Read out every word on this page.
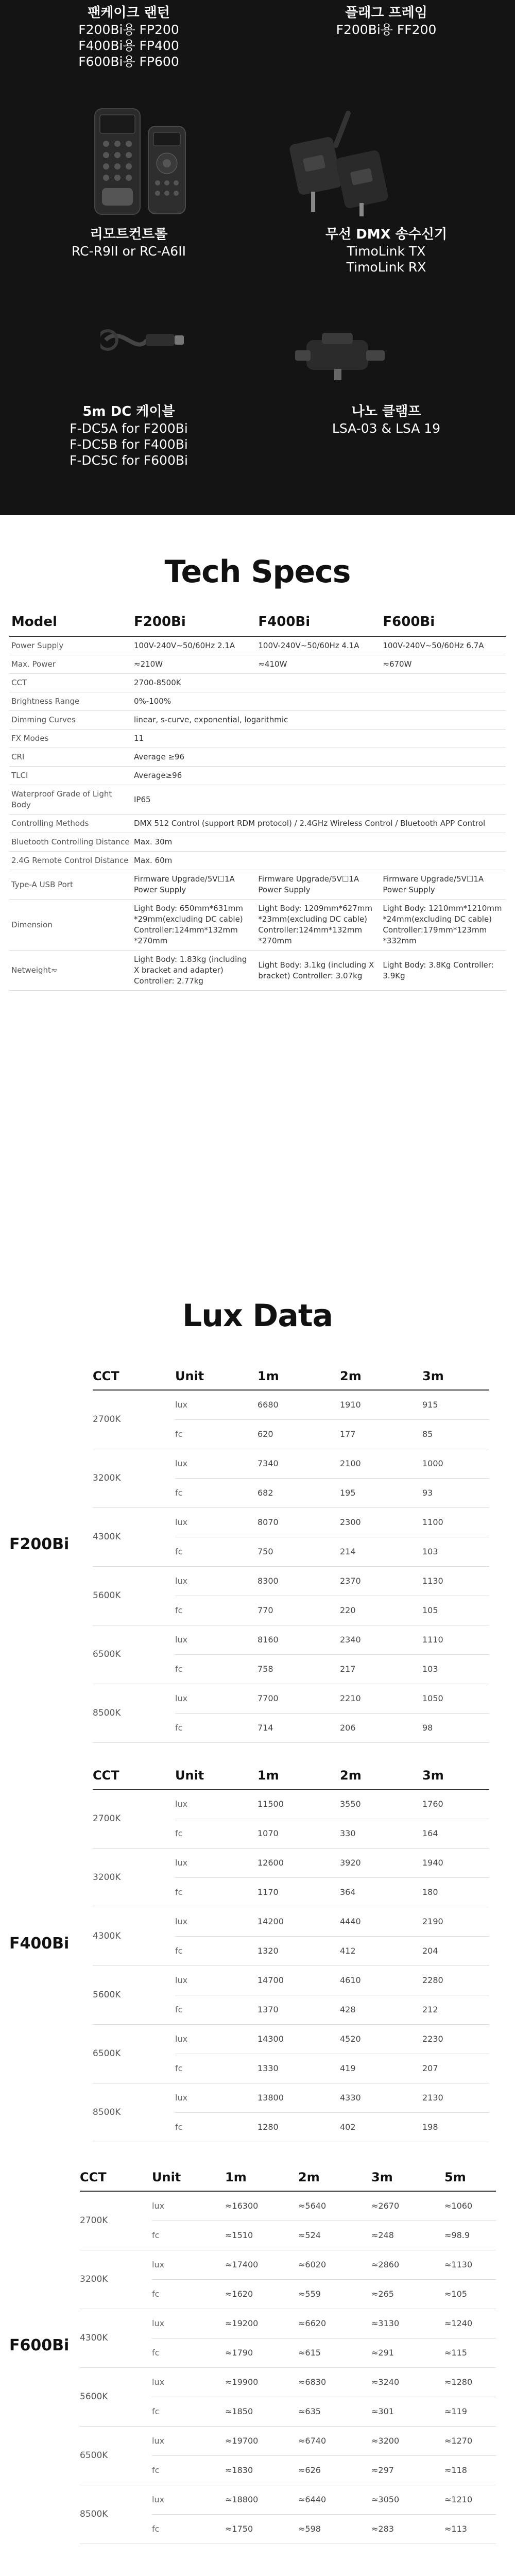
팬케이크 랜턴
F200Bi용 FP200
F400Bi용 FP400
F600Bi용 FP600
플래그 프레임
F200Bi용 FF200
리모트컨트롤
RC-R9II or RC-A6II
무선 DMX 송수신기
TimoLink TX
TimoLink RX
5m DC 케이블
F-DC5A for F200Bi
F-DC5B for F400Bi
F-DC5C for F600Bi
나노 클램프
LSA-03 & LSA 19
Tech Specs
Model	F200Bi	F400Bi	F600Bi
Power Supply	100V-240V~50/60Hz 2.1A	100V-240V~50/60Hz 4.1A	100V-240V~50/60Hz 6.7A
Max. Power	≈210W	≈410W	≈670W
CCT	2700-8500K		
Brightness Range	0%-100%		
Dimming Curves	linear, s-curve, exponential, logarithmic		
FX Modes	11		
CRI	Average ≥96		
TLCI	Average≥96		
Waterproof Grade of Light Body	IP65		
Controlling Methods	DMX 512 Control (support RDM protocol) / 2.4GHz Wireless Control / Bluetooth APP Control		
Bluetooth Controlling Distance	Max. 30m		
2.4G Remote Control Distance	Max. 60m		
Type-A USB Port	Firmware Upgrade/5V☐1A Power Supply	Firmware Upgrade/5V☐1A Power Supply	Firmware Upgrade/5V☐1A Power Supply
Dimension	Light Body: 650mm*631mm *29mm(excluding DC cable) Controller:124mm*132mm *270mm	Light Body: 1209mm*627mm *23mm(excluding DC cable) Controller:124mm*132mm *270mm	Light Body: 1210mm*1210mm *24mm(excluding DC cable) Controller:179mm*123mm *332mm
Netweight≈	Light Body: 1.83kg (including X bracket and adapter) Controller: 2.77kg	Light Body: 3.1kg (including X bracket) Controller: 3.07kg	Light Body: 3.8Kg Controller: 3.9Kg
Lux Data
F200Bi
CCT	Unit	1m	2m	3m
2700K	lux	6680	1910	915
	fc	620	177	85
3200K	lux	7340	2100	1000
	fc	682	195	93
4300K	lux	8070	2300	1100
	fc	750	214	103
5600K	lux	8300	2370	1130
	fc	770	220	105
6500K	lux	8160	2340	1110
	fc	758	217	103
8500K	lux	7700	2210	1050
	fc	714	206	98
F400Bi
CCT	Unit	1m	2m	3m
2700K	lux	11500	3550	1760
	fc	1070	330	164
3200K	lux	12600	3920	1940
	fc	1170	364	180
4300K	lux	14200	4440	2190
	fc	1320	412	204
5600K	lux	14700	4610	2280
	fc	1370	428	212
6500K	lux	14300	4520	2230
	fc	1330	419	207
8500K	lux	13800	4330	2130
	fc	1280	402	198
F600Bi
CCT	Unit	1m	2m	3m	5m
2700K	lux	≈16300	≈5640	≈2670	≈1060
	fc	≈1510	≈524	≈248	≈98.9
3200K	lux	≈17400	≈6020	≈2860	≈1130
	fc	≈1620	≈559	≈265	≈105
4300K	lux	≈19200	≈6620	≈3130	≈1240
	fc	≈1790	≈615	≈291	≈115
5600K	lux	≈19900	≈6830	≈3240	≈1280
	fc	≈1850	≈635	≈301	≈119
6500K	lux	≈19700	≈6740	≈3200	≈1270
	fc	≈1830	≈626	≈297	≈118
8500K	lux	≈18800	≈6440	≈3050	≈1210
	fc	≈1750	≈598	≈283	≈113
